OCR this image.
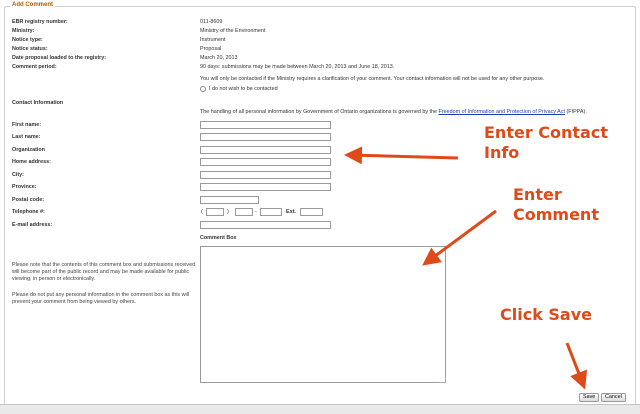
Add Comment
EBR registry number:	011-8609
Ministry:	Ministry of the Environment
Notice type:	Instrument
Notice status:	Proposal
Date proposal loaded to the registry:	March 20, 2013
Comment period:	90 days: submissions may be made between March 20, 2013 and June 18, 2013.
You will only be contacted if the Ministry requires a clarification of your comment. Your contact information will not be used for any other purpose.
I do not wish to be contacted
Contact Information
The handling of all personal information by Government of Ontario organizations is governed by the Freedom of Information and Protection of Privacy Act (FIPPA).
First name:
Last name:
Organization
Home address:
City:
Province:
Postal code:
Telephone #:	(	)	-	Ext.
E-mail address:
Comment Box
Please note that the contents of this comment box and submissions received will become part of the public record and may be made available for public viewing, in person or electronically.
Please do not put any personal information in the comment box as this will prevent your comment from being viewed by others.
Save	Cancel
Enter Contact
Info
Enter
Comment
Click Save
